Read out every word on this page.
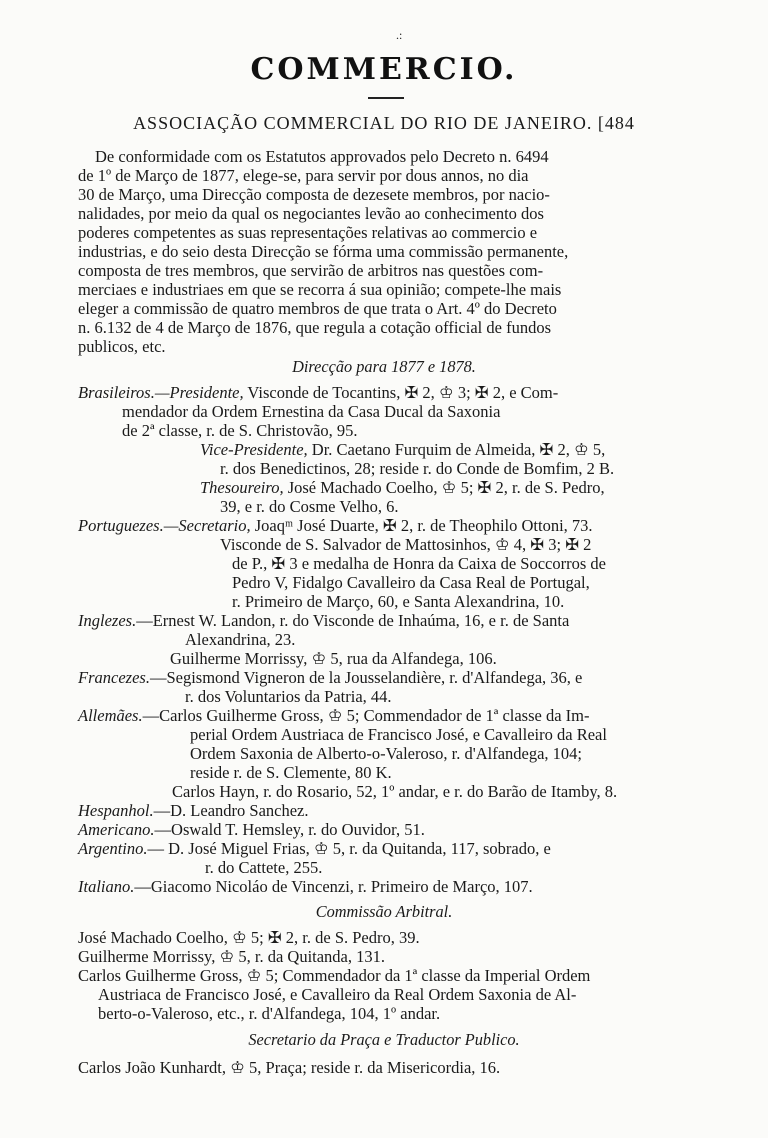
.:
COMMERCIO.
ASSOCIAÇÃO COMMERCIAL DO RIO DE JANEIRO. [484
De conformidade com os Estatutos approvados pelo Decreto n. 6494
de 1º de Março de 1877, elege-se, para servir por dous annos, no dia
30 de Março, uma Direcção composta de dezesete membros, por nacio-
nalidades, por meio da qual os negociantes levão ao conhecimento dos
poderes competentes as suas representações relativas ao commercio e
industrias, e do seio desta Direcção se fórma uma commissão permanente,
composta de tres membros, que servirão de arbitros nas questões com-
merciaes e industriaes em que se recorra á sua opinião; compete-lhe mais
eleger a commissão de quatro membros de que trata o Art. 4º do Decreto
n. 6.132 de 4 de Março de 1876, que regula a cotação official de fundos
publicos, etc.
Direcção para 1877 e 1878.
Brasileiros.—Presidente, Visconde de Tocantins, ✠ 2, ♔ 3; ✠ 2, e Com-
mendador da Ordem Ernestina da Casa Ducal da Saxonia
de 2ª classe, r. de S. Christovão, 95.
Vice-Presidente, Dr. Caetano Furquim de Almeida, ✠ 2, ♔ 5,
r. dos Benedictinos, 28; reside r. do Conde de Bomfim, 2 B.
Thesoureiro, José Machado Coelho, ♔ 5; ✠ 2, r. de S. Pedro,
39, e r. do Cosme Velho, 6.
Portuguezes.—Secretario, Joaqᵐ José Duarte, ✠ 2, r. de Theophilo Ottoni, 73.
Visconde de S. Salvador de Mattosinhos, ♔ 4, ✠ 3; ✠ 2
de P., ✠ 3 e medalha de Honra da Caixa de Soccorros de
Pedro V, Fidalgo Cavalleiro da Casa Real de Portugal,
r. Primeiro de Março, 60, e Santa Alexandrina, 10.
Inglezes.—Ernest W. Landon, r. do Visconde de Inhaúma, 16, e r. de Santa
Alexandrina, 23.
Guilherme Morrissy, ♔ 5, rua da Alfandega, 106.
Francezes.—Segismond Vigneron de la Jousselandière, r. d'Alfandega, 36, e
r. dos Voluntarios da Patria, 44.
Allemães.—Carlos Guilherme Gross, ♔ 5; Commendador de 1ª classe da Im-
perial Ordem Austriaca de Francisco José, e Cavalleiro da Real
Ordem Saxonia de Alberto-o-Valeroso, r. d'Alfandega, 104;
reside r. de S. Clemente, 80 K.
Carlos Hayn, r. do Rosario, 52, 1º andar, e r. do Barão de Itamby, 8.
Hespanhol.—D. Leandro Sanchez.
Americano.—Oswald T. Hemsley, r. do Ouvidor, 51.
Argentino.— D. José Miguel Frias, ♔ 5, r. da Quitanda, 117, sobrado, e
r. do Cattete, 255.
Italiano.—Giacomo Nicoláo de Vincenzi, r. Primeiro de Março, 107.
Commissão Arbitral.
José Machado Coelho, ♔ 5; ✠ 2, r. de S. Pedro, 39.
Guilherme Morrissy, ♔ 5, r. da Quitanda, 131.
Carlos Guilherme Gross, ♔ 5; Commendador da 1ª classe da Imperial Ordem
Austriaca de Francisco José, e Cavalleiro da Real Ordem Saxonia de Al-
berto-o-Valeroso, etc., r. d'Alfandega, 104, 1º andar.
Secretario da Praça e Traductor Publico.
Carlos João Kunhardt, ♔ 5, Praça; reside r. da Misericordia, 16.
